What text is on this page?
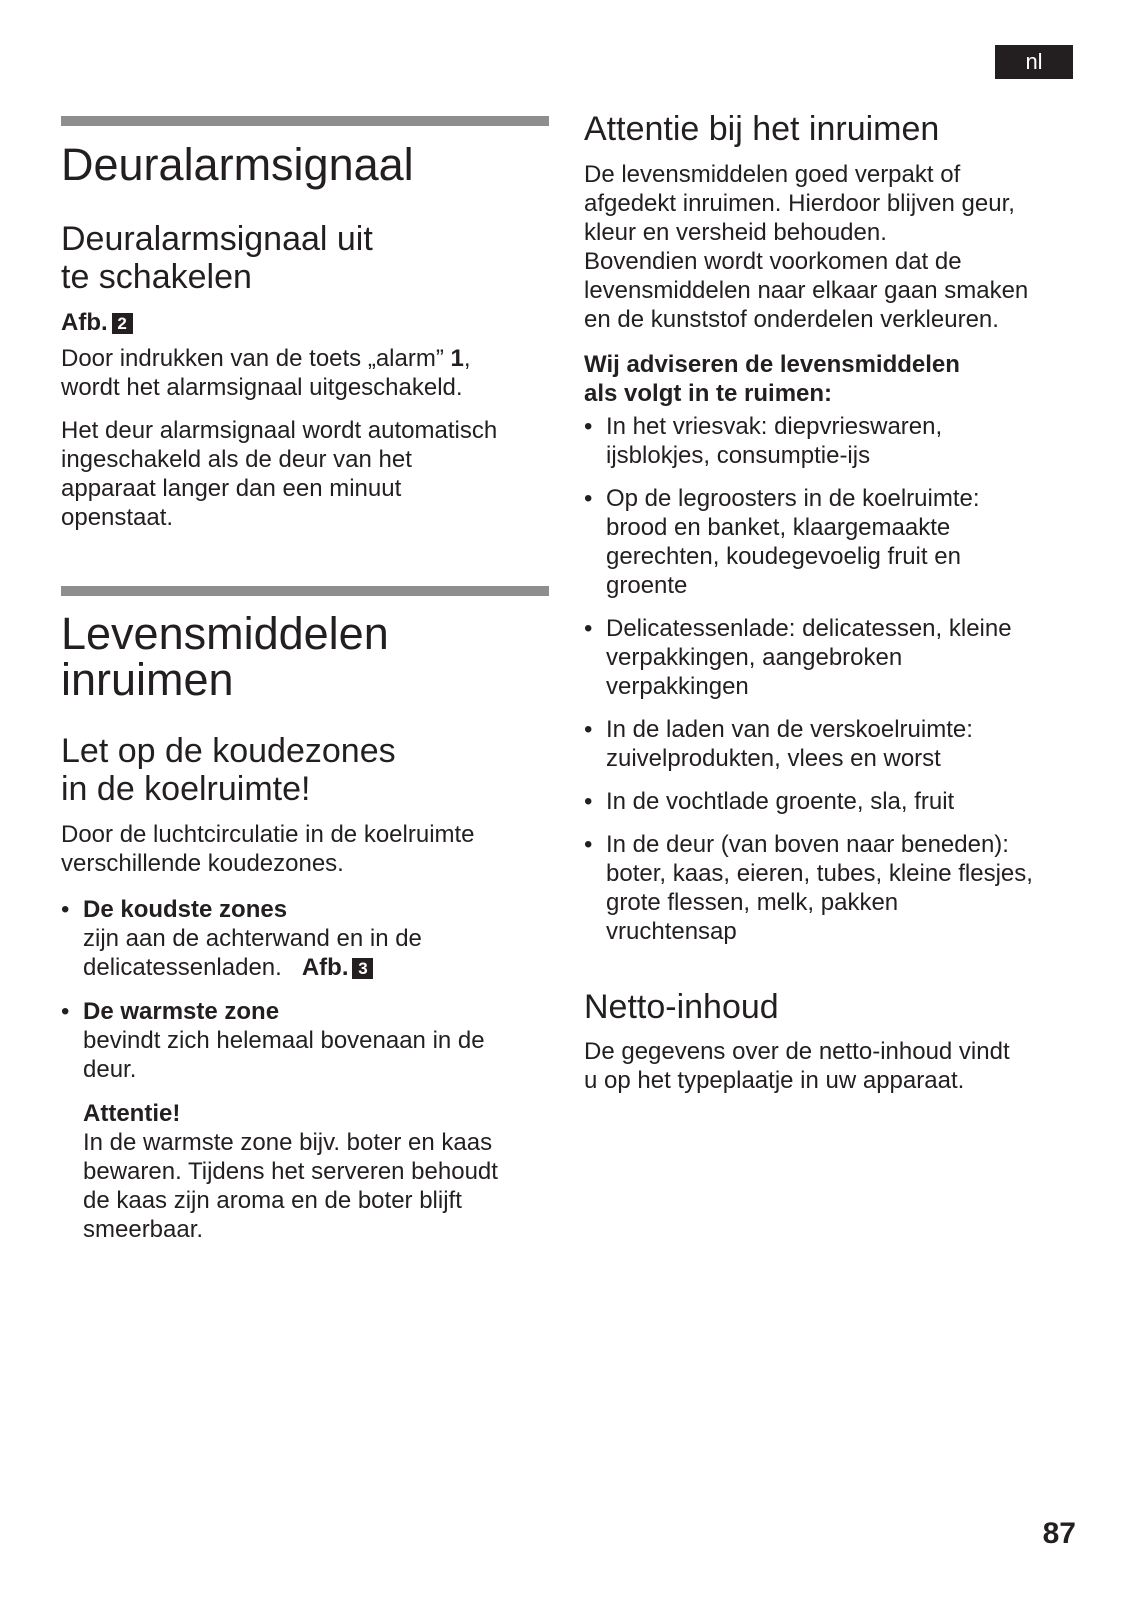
nl
Deuralarmsignaal
Deuralarmsignaal uit
te schakelen

Afb. 2

Door indrukken van de toets „alarm” 1,
wordt het alarmsignaal uitgeschakeld.

Het deur alarmsignaal wordt automatisch
ingeschakeld als de deur van het
apparaat langer dan een minuut
openstaat.

Levensmiddelen
inruimen
Let op de koudezones
in de koelruimte!

Door de luchtcirculatie in de koelruimte
verschillende koudezones.

• De koudste zones
zijn aan de achterwand en in de
delicatessenladen. Afb. 3
• De warmste zone
bevindt zich helemaal bovenaan in de
deur.

Attentie!
In de warmste zone bijv. boter en kaas
bewaren. Tijdens het serveren behoudt
de kaas zijn aroma en de boter blijft
smeerbaar.

Attentie bij het inruimen

De levensmiddelen goed verpakt of
afgedekt inruimen. Hierdoor blijven geur,
kleur en versheid behouden.
Bovendien wordt voorkomen dat de
levensmiddelen naar elkaar gaan smaken
en de kunststof onderdelen verkleuren.

Wij adviseren de levensmiddelen
als volgt in te ruimen:

• In het vriesvak: diepvrieswaren,
ijsblokjes, consumptie-ijs
• Op de legroosters in de koelruimte:
brood en banket, klaargemaakte
gerechten, koudegevoelig fruit en
groente
• Delicatessenlade: delicatessen, kleine
verpakkingen, aangebroken
verpakkingen
• In de laden van de verskoelruimte:
zuivelprodukten, vlees en worst
• In de vochtlade groente, sla, fruit
• In de deur (van boven naar beneden):
boter, kaas, eieren, tubes, kleine flesjes,
grote flessen, melk, pakken
vruchtensap
Netto-inhoud

De gegevens over de netto-inhoud vindt
u op het typeplaatje in uw apparaat.

87
